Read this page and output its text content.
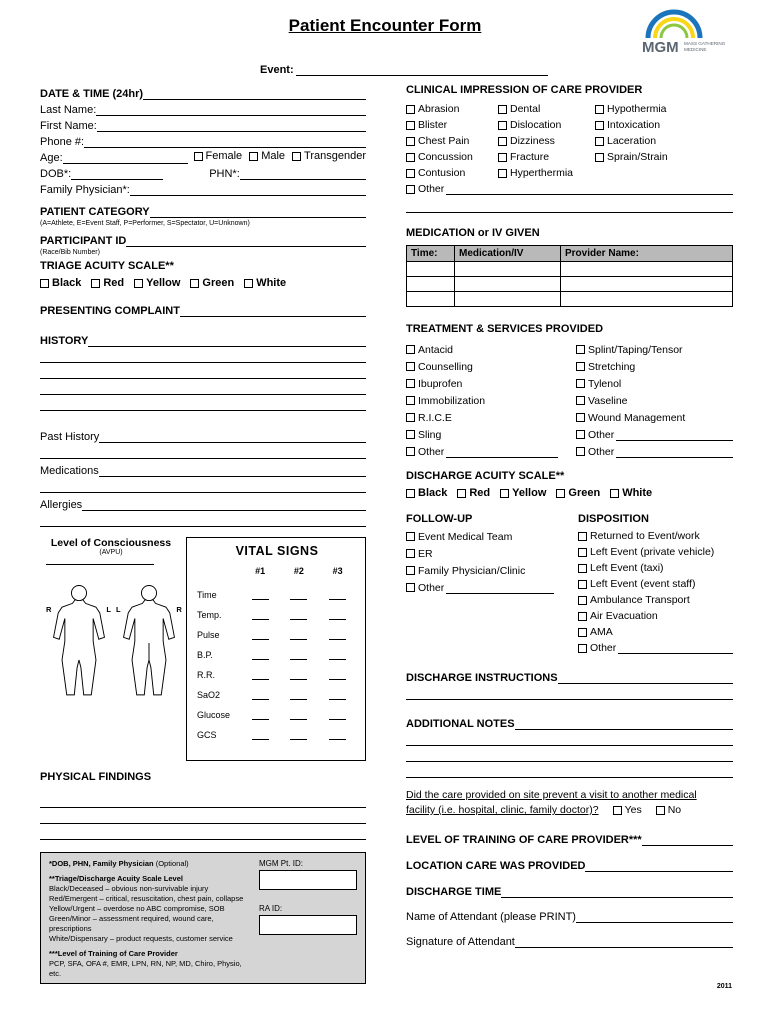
Patient Encounter Form
MGM MASS GATHERING
MEDICINE
Event:
DATE & TIME (24hr)
Last Name:
First Name:
Phone #:
Age:	Female Male Transgender
DOB*:	PHN*:
Family Physician*:
PATIENT CATEGORY
(A=Athlete, E=Event Staff, P=Performer, S=Spectator, U=Unknown)
PARTICIPANT ID
(Race/Bib Number)
TRIAGE ACUITY SCALE**
Black Red Yellow Green White
PRESENTING COMPLAINT
HISTORY
Past History
Medications
Allergies
Level of Consciousness
(AVPU)
R	L L	R
VITAL SIGNS
#1	#2	#3
Time
Temp.
Pulse
B.P.
R.R.
SaO2
Glucose
GCS
PHYSICAL FINDINGS
*DOB, PHN, Family Physician (Optional)
**Triage/Discharge Acuity Scale Level
Black/Deceased – obvious non-survivable injury
Red/Emergent – critical, resuscitation, chest pain, collapse
Yellow/Urgent – overdose no ABC compromise, SOB
Green/Minor – assessment required, wound care, prescriptions
White/Dispensary – product requests, customer service
***Level of Training of Care Provider
PCP, SFA, OFA #, EMR, LPN, RN, NP, MD, Chiro, Physio, etc.
MGM Pt. ID:
RA ID:
CLINICAL IMPRESSION OF CARE PROVIDER
Abrasion
Blister
Chest Pain
Concussion
Contusion
Dental
Dislocation
Dizziness
Fracture
Hyperthermia
Hypothermia
Intoxication
Laceration
Sprain/Strain
Other
MEDICATION or IV GIVEN
Time:	Medication/IV	Provider Name:

TREATMENT & SERVICES PROVIDED
Antacid
Counselling
Ibuprofen
Immobilization
R.I.C.E
Sling
Other
Splint/Taping/Tensor
Stretching
Tylenol
Vaseline
Wound Management
Other
Other
DISCHARGE ACUITY SCALE**
Black Red Yellow Green White
FOLLOW-UP
Event Medical Team
ER
Family Physician/Clinic
Other
DISPOSITION
Returned to Event/work
Left Event (private vehicle)
Left Event (taxi)
Left Event (event staff)
Ambulance Transport
Air Evacuation
AMA
Other
DISCHARGE INSTRUCTIONS
ADDITIONAL NOTES
Did the care provided on site prevent a visit to another medical
facility (i.e. hospital, clinic, family doctor)? Yes No
LEVEL OF TRAINING OF CARE PROVIDER***
LOCATION CARE WAS PROVIDED
DISCHARGE TIME
Name of Attendant (please PRINT)
Signature of Attendant
2011
